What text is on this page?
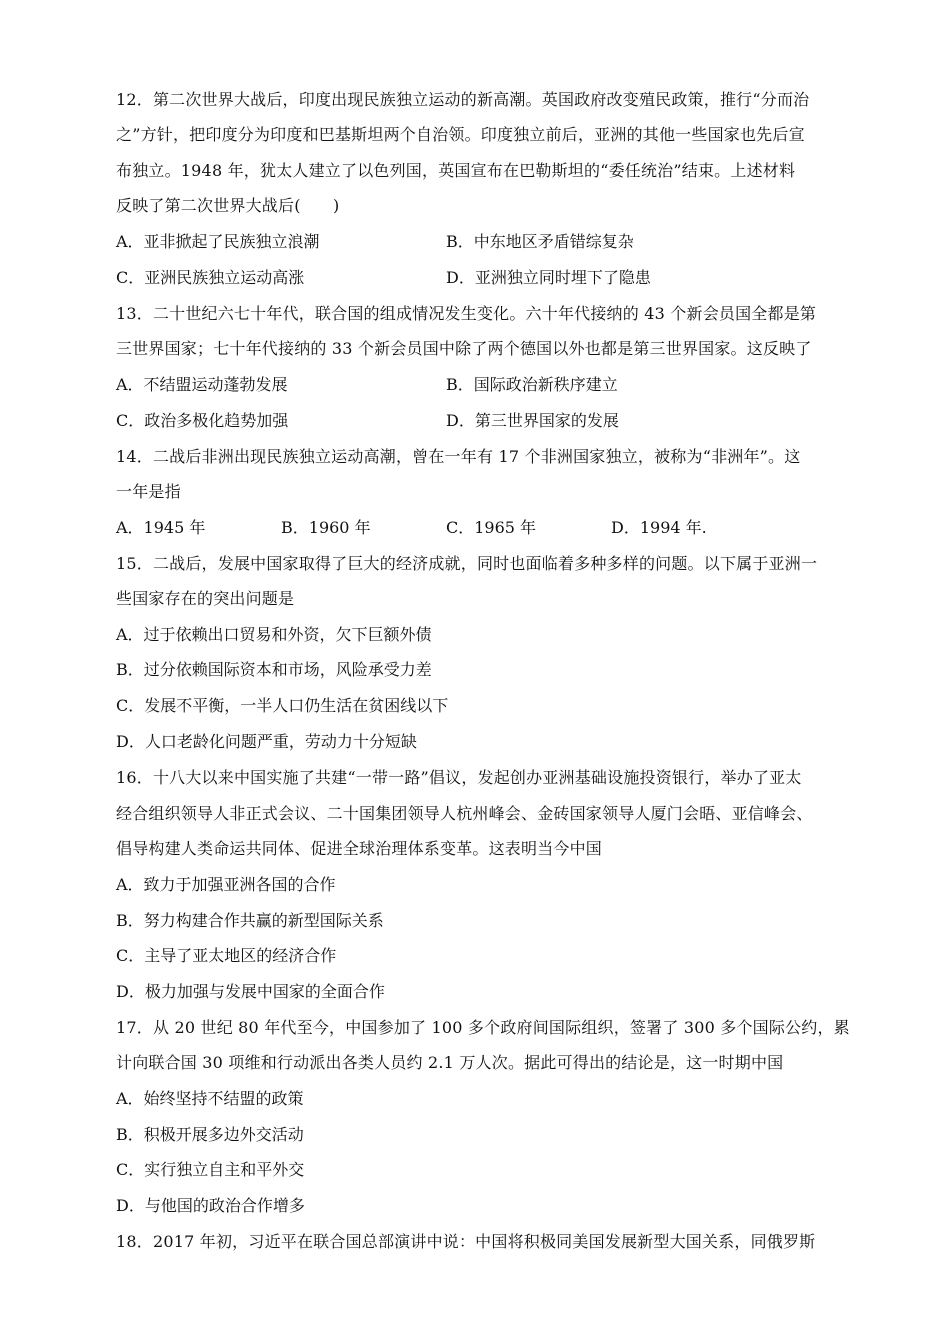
12．第二次世界大战后，印度出现民族独立运动的新高潮。英国政府改变殖民政策，推行“分而治
之”方针，把印度分为印度和巴基斯坦两个自治领。印度独立前后，亚洲的其他一些国家也先后宣
布独立。1948 年，犹太人建立了以色列国，英国宣布在巴勒斯坦的“委任统治”结束。上述材料
反映了第二次世界大战后(　　)
A．亚非掀起了民族独立浪潮	B．中东地区矛盾错综复杂
C．亚洲民族独立运动高涨	D．亚洲独立同时埋下了隐患
13．二十世纪六七十年代，联合国的组成情况发生变化。六十年代接纳的 43 个新会员国全都是第
三世界国家；七十年代接纳的 33 个新会员国中除了两个德国以外也都是第三世界国家。这反映了
A．不结盟运动蓬勃发展	B．国际政治新秩序建立
C．政治多极化趋势加强	D．第三世界国家的发展
14．二战后非洲出现民族独立运动高潮，曾在一年有 17 个非洲国家独立，被称为“非洲年”。这
一年是指
A．1945 年	B．1960 年	C．1965 年	D．1994 年.
15．二战后，发展中国家取得了巨大的经济成就，同时也面临着多种多样的问题。以下属于亚洲一
些国家存在的突出问题是
A．过于依赖出口贸易和外资，欠下巨额外债
B．过分依赖国际资本和市场，风险承受力差
C．发展不平衡，一半人口仍生活在贫困线以下
D．人口老龄化问题严重，劳动力十分短缺
16．十八大以来中国实施了共建“一带一路”倡议，发起创办亚洲基础设施投资银行，举办了亚太
经合组织领导人非正式会议、二十国集团领导人杭州峰会、金砖国家领导人厦门会晤、亚信峰会、
倡导构建人类命运共同体、促进全球治理体系变革。这表明当今中国
A．致力于加强亚洲各国的合作
B．努力构建合作共赢的新型国际关系
C．主导了亚太地区的经济合作
D．极力加强与发展中国家的全面合作
17．从 20 世纪 80 年代至今，中国参加了 100 多个政府间国际组织，签署了 300 多个国际公约，累
计向联合国 30 项维和行动派出各类人员约 2.1 万人次。据此可得出的结论是，这一时期中国
A．始终坚持不结盟的政策
B．积极开展多边外交活动
C．实行独立自主和平外交
D．与他国的政治合作增多
18．2017 年初，习近平在联合国总部演讲中说：中国将积极同美国发展新型大国关系，同俄罗斯
